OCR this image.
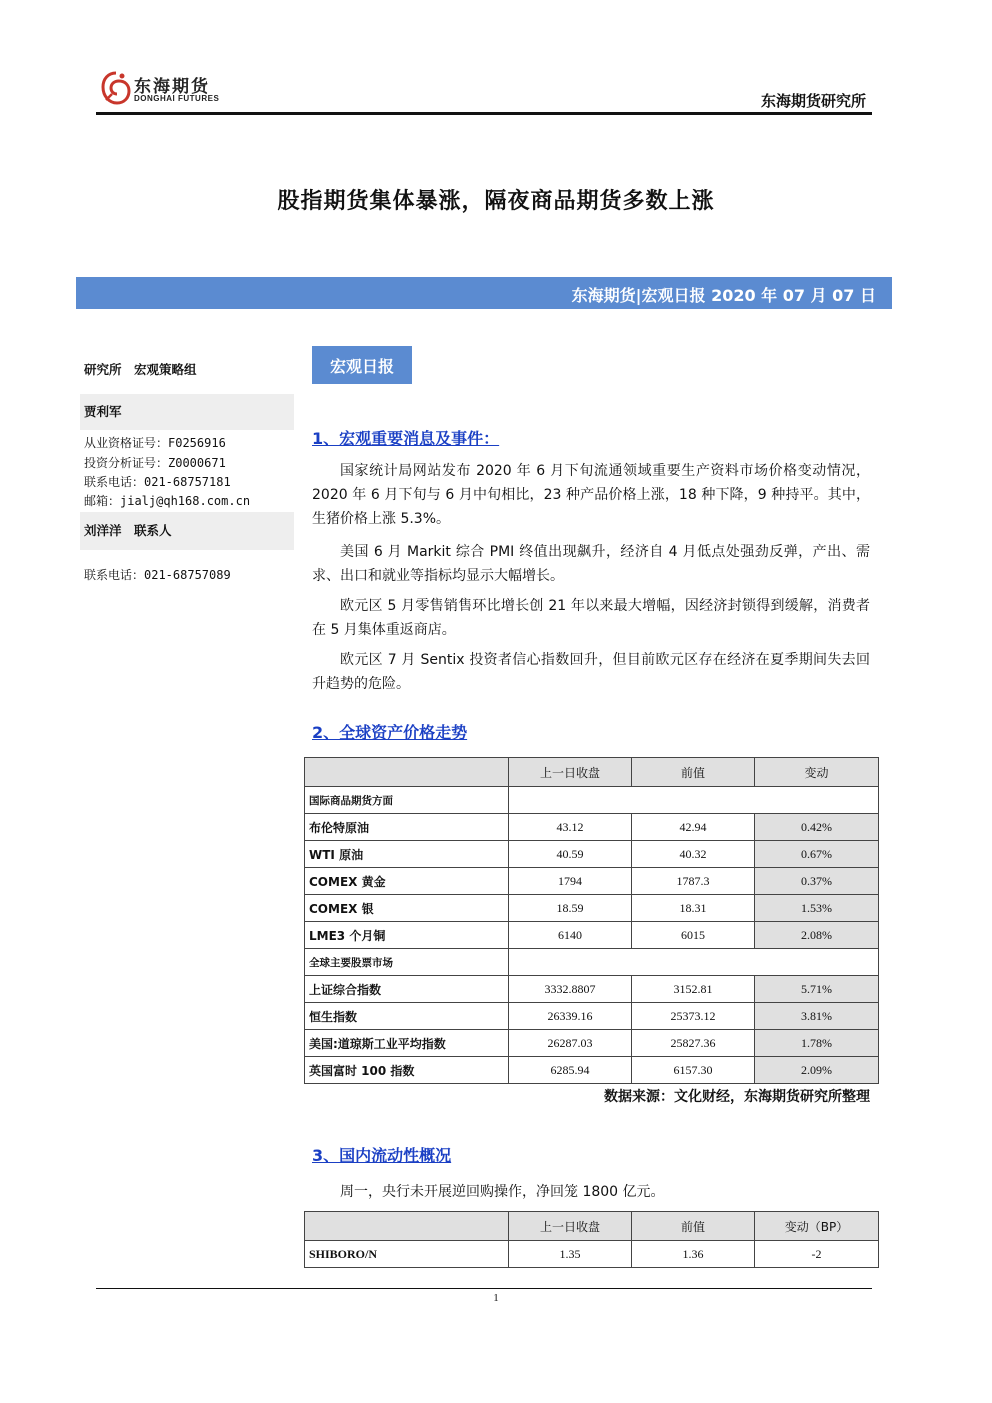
东海期货
DONGHAI FUTURES	东海期货研究所
股指期货集体暴涨，隔夜商品期货多数上涨
东海期货|宏观日报 2020 年 07 月 07 日
研究所　宏观策略组
贾利军
从业资格证号：F0256916
投资分析证号：Z0000671
联系电话：021-68757181
邮箱：jialj@qh168.com.cn
刘洋洋　联系人
联系电话：021-68757089
宏观日报
1、宏观重要消息及事件：
国家统计局网站发布 2020 年 6 月下旬流通领域重要生产资料市场价格变动情况，2020 年 6 月下旬与 6 月中旬相比，23 种产品价格上涨，18 种下降，9 种持平。其中，生猪价格上涨 5.3%。
美国 6 月 Markit 综合 PMI 终值出现飙升，经济自 4 月低点处强劲反弹，产出、需求、出口和就业等指标均显示大幅增长。
欧元区 5 月零售销售环比增长创 21 年以来最大增幅，因经济封锁得到缓解，消费者在 5 月集体重返商店。
欧元区 7 月 Sentix 投资者信心指数回升，但目前欧元区存在经济在夏季期间失去回升趋势的危险。
2、全球资产价格走势
	上一日收盘	前值	变动
国际商品期货方面			
布伦特原油	43.12	42.94	0.42%
WTI 原油	40.59	40.32	0.67%
COMEX 黄金	1794	1787.3	0.37%
COMEX 银	18.59	18.31	1.53%
LME3 个月铜	6140	6015	2.08%
全球主要股票市场			
上证综合指数	3332.8807	3152.81	5.71%
恒生指数	26339.16	25373.12	3.81%
美国:道琼斯工业平均指数	26287.03	25827.36	1.78%
英国富时 100 指数	6285.94	6157.30	2.09%
数据来源：文化财经，东海期货研究所整理
3、国内流动性概况
周一，央行未开展逆回购操作，净回笼 1800 亿元。
	上一日收盘	前值	变动（BP）
SHIBORO/N	1.35	1.36	-2
1
